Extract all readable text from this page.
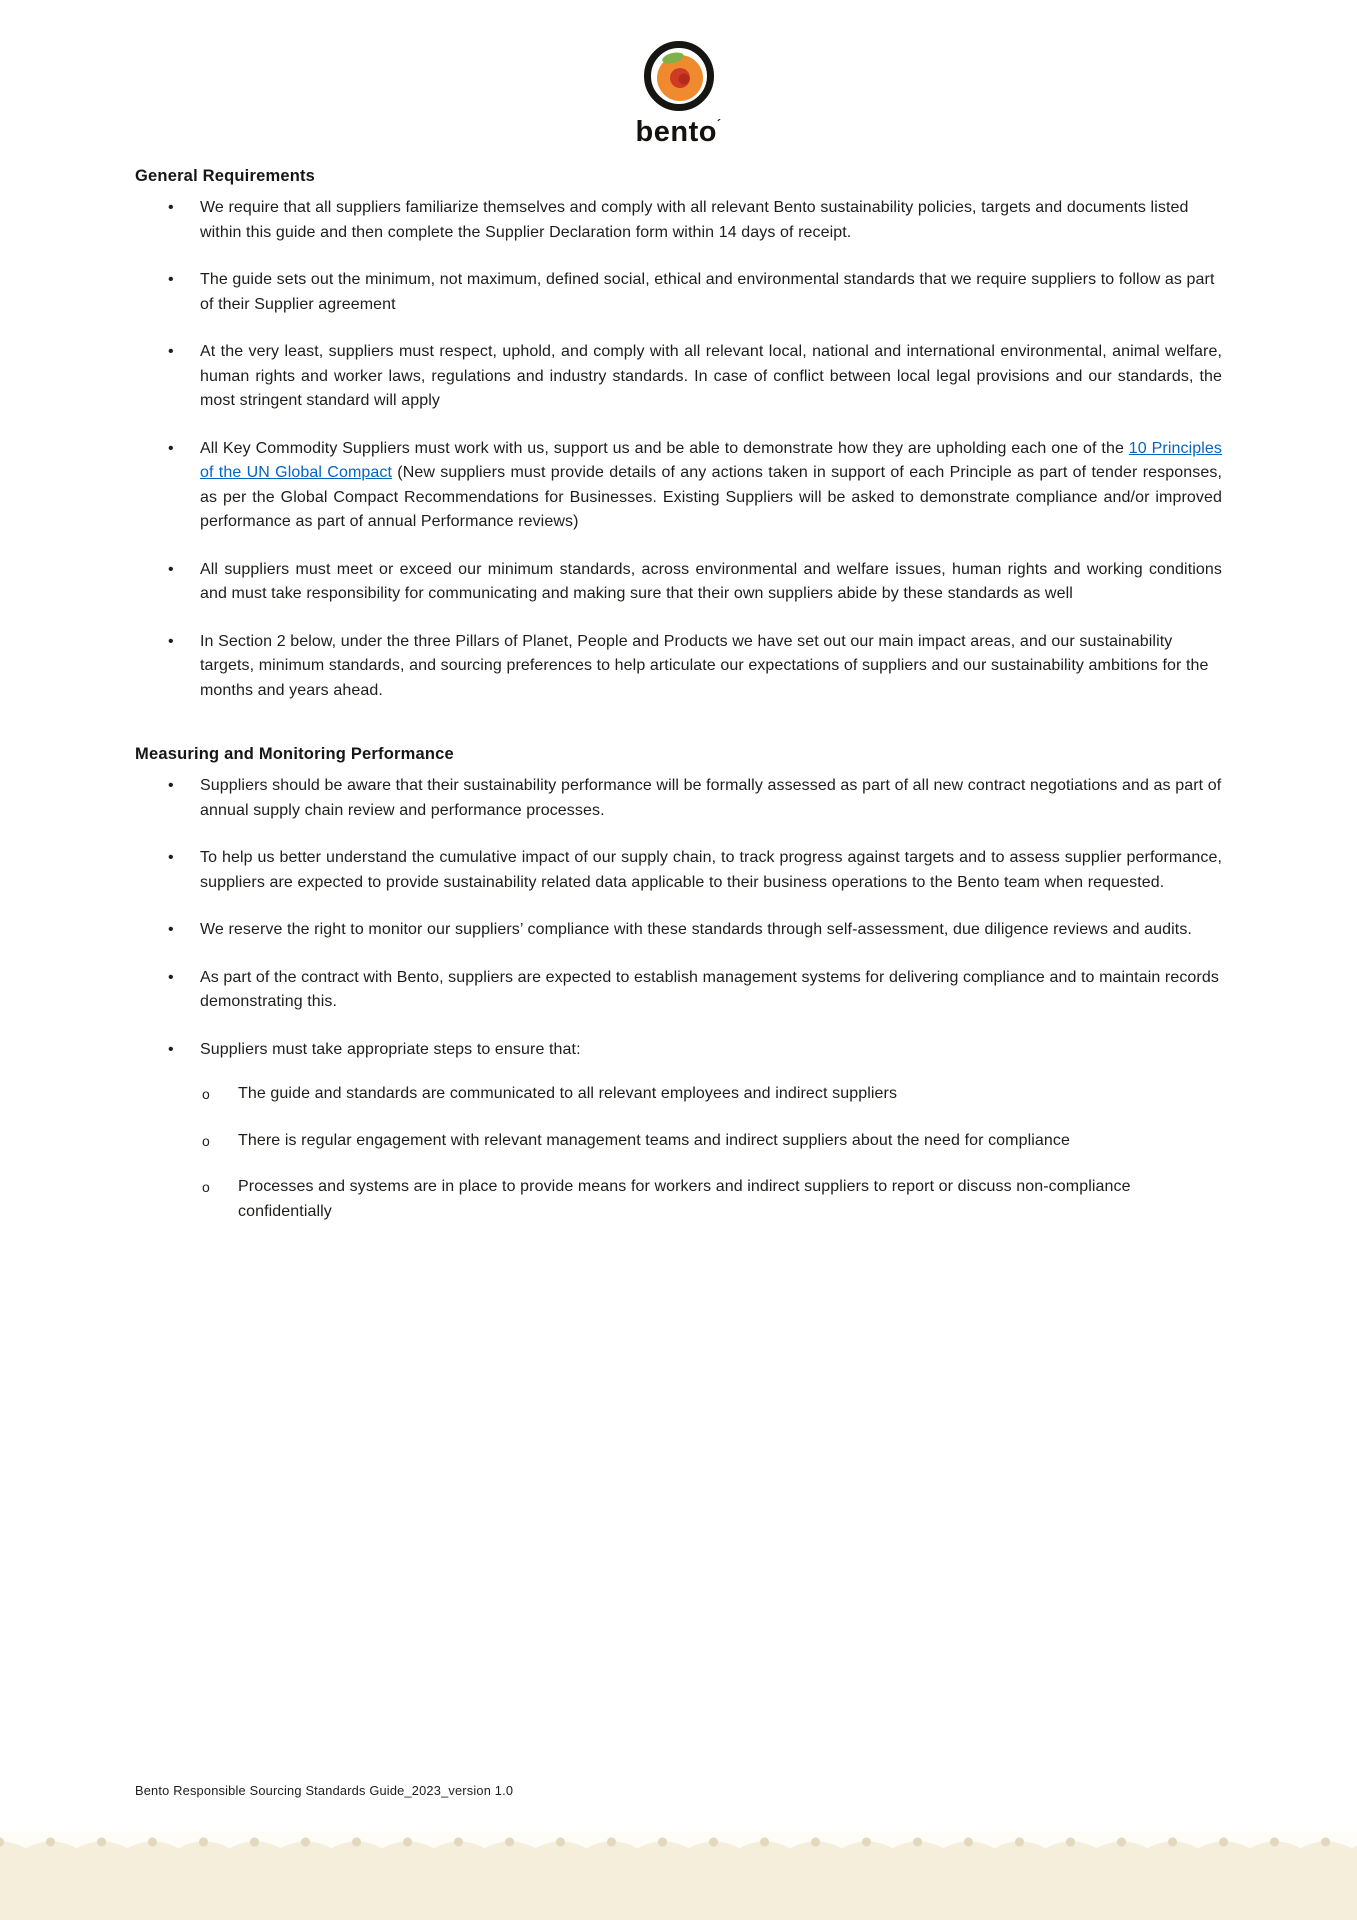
bento´
General Requirements
• We require that all suppliers familiarize themselves and comply with all relevant Bento sustainability policies, targets and documents listed within this guide and then complete the Supplier Declaration form within 14 days of receipt.
• The guide sets out the minimum, not maximum, defined social, ethical and environmental standards that we require suppliers to follow as part of their Supplier agreement
• At the very least, suppliers must respect, uphold, and comply with all relevant local, national and international environmental, animal welfare, human rights and worker laws, regulations and industry standards. In case of conflict between local legal provisions and our standards, the most stringent standard will apply
• All Key Commodity Suppliers must work with us, support us and be able to demonstrate how they are upholding each one of the 10 Principles of the UN Global Compact (New suppliers must provide details of any actions taken in support of each Principle as part of tender responses, as per the Global Compact Recommendations for Businesses. Existing Suppliers will be asked to demonstrate compliance and/or improved performance as part of annual Performance reviews)
• All suppliers must meet or exceed our minimum standards, across environmental and welfare issues, human rights and working conditions and must take responsibility for communicating and making sure that their own suppliers abide by these standards as well
• In Section 2 below, under the three Pillars of Planet, People and Products we have set out our main impact areas, and our sustainability targets, minimum standards, and sourcing preferences to help articulate our expectations of suppliers and our sustainability ambitions for the months and years ahead.
Measuring and Monitoring Performance
• Suppliers should be aware that their sustainability performance will be formally assessed as part of all new contract negotiations and as part of annual supply chain review and performance processes.
• To help us better understand the cumulative impact of our supply chain, to track progress against targets and to assess supplier performance, suppliers are expected to provide sustainability related data applicable to their business operations to the Bento team when requested.
• We reserve the right to monitor our suppliers’ compliance with these standards through self-assessment, due diligence reviews and audits.
• As part of the contract with Bento, suppliers are expected to establish management systems for delivering compliance and to maintain records demonstrating this.
• Suppliers must take appropriate steps to ensure that:
o The guide and standards are communicated to all relevant employees and indirect suppliers
o There is regular engagement with relevant management teams and indirect suppliers about the need for compliance
o Processes and systems are in place to provide means for workers and indirect suppliers to report or discuss non-compliance confidentially
Bento Responsible Sourcing Standards Guide_2023_version 1.0
